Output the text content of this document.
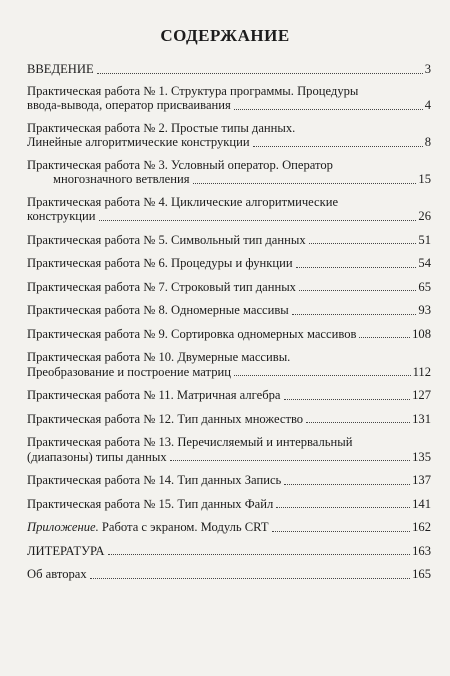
СОДЕРЖАНИЕ
ВВЕДЕНИЕ	3
Практическая работа № 1. Структура программы. Процедуры
ввода-вывода, оператор присваивания	4
Практическая работа № 2. Простые типы данных.
Линейные алгоритмические конструкции	8
Практическая работа № 3. Условный оператор. Оператор
многозначного ветвления	15
Практическая работа № 4. Циклические алгоритмические
конструкции	26
Практическая работа № 5. Символьный тип данных	51
Практическая работа № 6. Процедуры и функции	54
Практическая работа № 7. Строковый тип данных	65
Практическая работа № 8. Одномерные массивы	93
Практическая работа № 9. Сортировка одномерных массивов	108
Практическая работа № 10. Двумерные массивы.
Преобразование и построение матриц	112
Практическая работа № 11. Матричная алгебра	127
Практическая работа № 12. Тип данных множество	131
Практическая работа № 13. Перечисляемый и интервальный
(диапазоны) типы данных	135
Практическая работа № 14. Тип данных Запись	137
Практическая работа № 15. Тип данных Файл	141
Приложение. Работа с экраном. Модуль CRT	162
ЛИТЕРАТУРА	163
Об авторах	165
